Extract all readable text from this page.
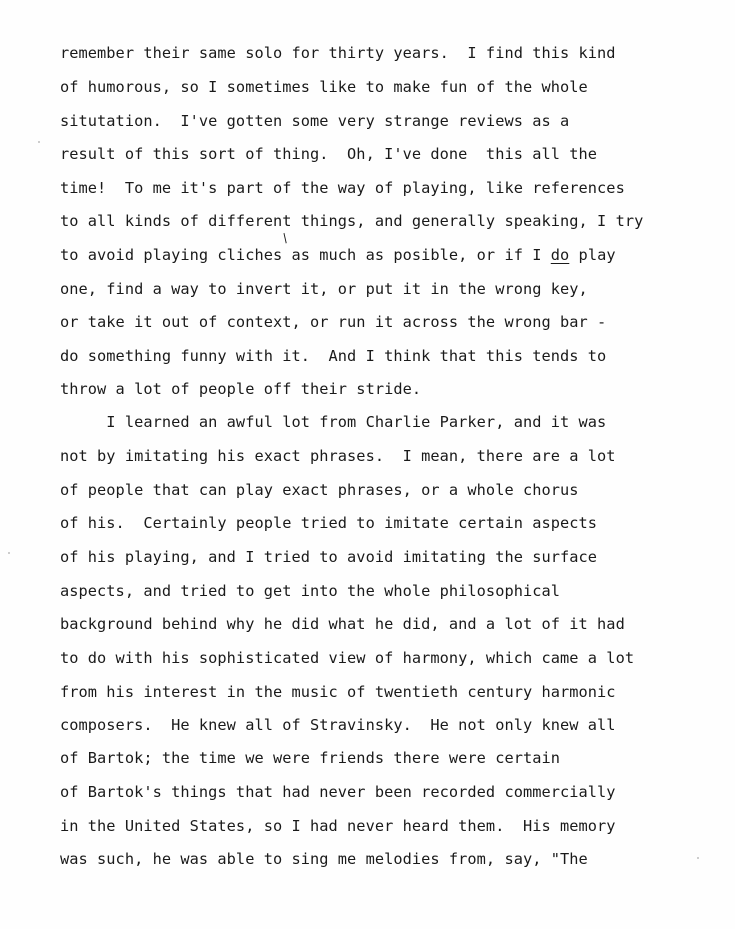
remember their same solo for thirty years.  I find this kind
of humorous, so I sometimes like to make fun of the whole
situtation.  I've gotten some very strange reviews as a
result of this sort of thing.  Oh, I've done  this all the
time!  To me it's part of the way of playing, like references
to all kinds of different things, and generally speaking, I try
to avoid playing cliches as much as posible, or if I do play
/
one, find a way to invert it, or put it in the wrong key,
or take it out of context, or run it across the wrong bar -
do something funny with it.  And I think that this tends to
throw a lot of people off their stride.
I learned an awful lot from Charlie Parker, and it was
not by imitating his exact phrases.  I mean, there are a lot
of people that can play exact phrases, or a whole chorus
of his.  Certainly people tried to imitate certain aspects
of his playing, and I tried to avoid imitating the surface
aspects, and tried to get into the whole philosophical
background behind why he did what he did, and a lot of it had
to do with his sophisticated view of harmony, which came a lot
from his interest in the music of twentieth century harmonic
composers.  He knew all of Stravinsky.  He not only knew all
of Bartok; the time we were friends there were certain
of Bartok's things that had never been recorded commercially
in the United States, so I had never heard them.  His memory
was such, he was able to sing me melodies from, say, "The
